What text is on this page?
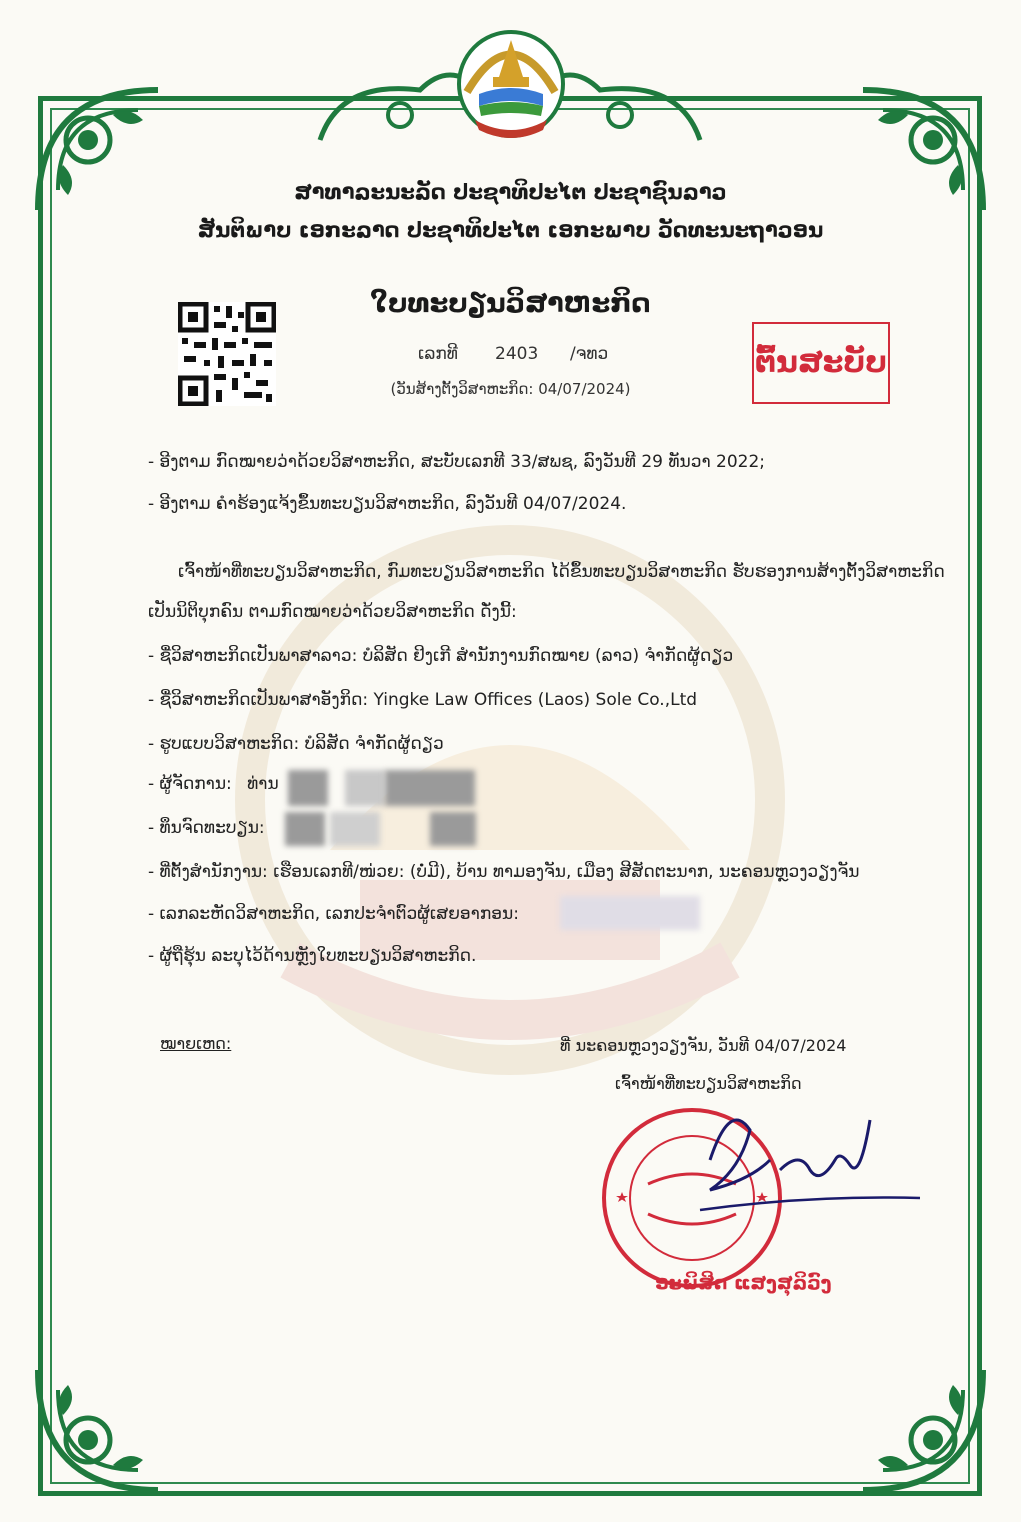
ສາທາລະນະລັດ ປະຊາທິປະໄຕ ປະຊາຊົນລາວ
ສັນຕິພາບ ເອກະລາດ ປະຊາທິປະໄຕ ເອກະພາບ ວັດທະນະຖາວອນ
ໃບທະບຽນວິສາຫະກິດ
ເລກທີ 2403 /ຈທວ
(ວັນສ້າງຕັ້ງວິສາຫະກິດ: 04/07/2024)
ຕົ້ນສະບັບ
- ອີງຕາມ ກົດໝາຍວ່າດ້ວຍວິສາຫະກິດ, ສະບັບເລກທີ 33/ສພຊ, ລົງວັນທີ 29 ທັນວາ 2022;
- ອີງຕາມ ຄຳຮ້ອງແຈ້ງຂຶ້ນທະບຽນວິສາຫະກິດ, ລົງວັນທີ 04/07/2024.
ເຈົ້າໜ້າທີ່ທະບຽນວິສາຫະກິດ, ກົມທະບຽນວິສາຫະກິດ ໄດ້ຂຶ້ນທະບຽນວິສາຫະກິດ ຮັບຮອງການສ້າງຕັ້ງວິສາຫະກິດ ເປັນນິຕິບຸກຄົນ ຕາມກົດໝາຍວ່າດ້ວຍວິສາຫະກິດ ດັ່ງນີ້:
- ຊື່ວິສາຫະກິດເປັນພາສາລາວ: ບໍລິສັດ ຢິງເກີ ສໍານັກງານກົດໝາຍ (ລາວ) ຈໍາກັດຜູ້ດຽວ
- ຊື່ວິສາຫະກິດເປັນພາສາອັງກິດ: Yingke Law Offices (Laos) Sole Co.,Ltd
- ຮູບແບບວິສາຫະກິດ: ບໍລິສັດ ຈໍາກັດຜູ້ດຽວ
- ຜູ້ຈັດການ: ທ່ານ
- ທຶນຈົດທະບຽນ:
- ທີ່ຕັ້ງສຳນັກງານ: ເຮືອນເລກທີ/ໜ່ວຍ: (ບໍ່ມີ), ບ້ານ ທາມອງຈັນ, ເມືອງ ສີສັດຕະນາກ, ນະຄອນຫຼວງວຽງຈັນ
- ເລກລະຫັດວິສາຫະກິດ, ເລກປະຈຳຕົວຜູ້ເສຍອາກອນ:
- ຜູ້ຖືຮຸ້ນ ລະບຸໄວ້ດ້ານຫຼັງໃບທະບຽນວິສາຫະກິດ.
ໝາຍເຫດ:	ທີ່ ນະຄອນຫຼວງວຽງຈັນ, ວັນທີ 04/07/2024
ເຈົ້າໜ້າທີ່ທະບຽນວິສາຫະກິດ
ອະພິສິດ ແສງສຸລິວົງ
